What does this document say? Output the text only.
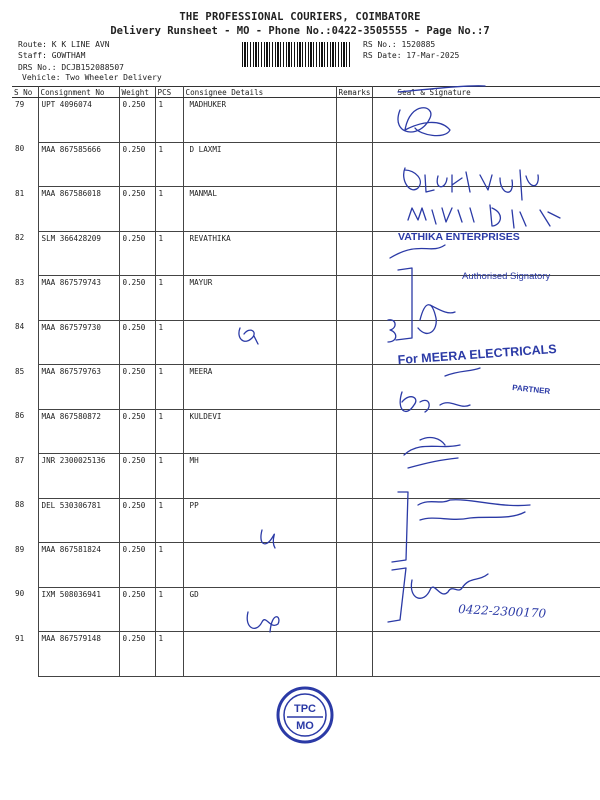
THE PROFESSIONAL COURIERS, COIMBATORE
Delivery Runsheet - MO - Phone No.:0422-3505555 - Page No.:7
Route: K K LINE AVN
Staff: GOWTHAM
DRS No.: DCJB152088507
Vehicle: Two Wheeler Delivery
RS No.: 1520885
RS Date: 17-Mar-2025
S No	Consignment No	Weight	PCS	Consignee Details	Remarks	Seal & Signature
79	UPT 4096074	0.250	1	MADHUKER		
80	MAA 867585666	0.250	1	D LAXMI		
81	MAA 867586018	0.250	1	MANMAL		
82	SLM 366428209	0.250	1	REVATHIKA		
83	MAA 867579743	0.250	1	MAYUR		
84	MAA 867579730	0.250	1			
85	MAA 867579763	0.250	1	MEERA		
86	MAA 867580872	0.250	1	KULDEVI		
87	JNR 2300025136	0.250	1	MH		
88	DEL 530306781	0.250	1	PP		
89	MAA 867581824	0.250	1			
90	IXM 508036941	0.250	1	GD		
91	MAA 867579148	0.250	1			
VATHIKA ENTERPRISES
Authorised Signatory
For MEERA ELECTRICALS
PARTNER
0422-2300170
TPC
MO
